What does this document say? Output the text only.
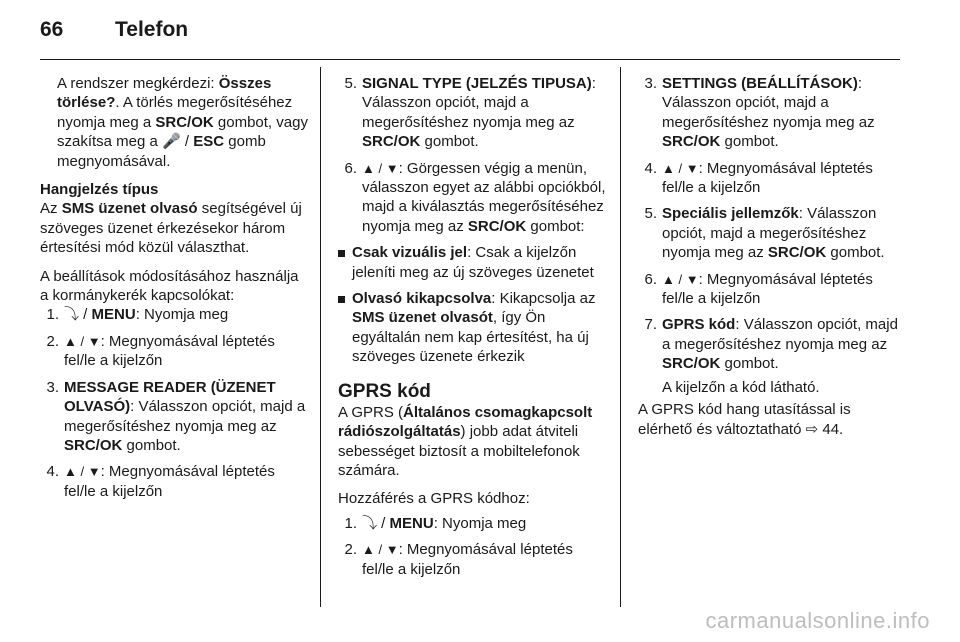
66 Telefon

A rendszer megkérdezi: Összes törlése?. A törlés megerősítéséhez nyomja meg a SRC/OK gombot, vagy szakítsa meg a 🎤 / ESC gomb megnyomásával.

Hangjelzés típus

Az SMS üzenet olvasó segítségével új szöveges üzenet érkezésekor három értesítési mód közül választhat.

A beállítások módosításához használja a kormánykerék kapcsolókat:

1. ⤵ / MENU: Nyomja meg
2. ▲ / ▼: Megnyomásával léptetés fel/le a kijelzőn
3. MESSAGE READER (ÜZENET OLVASÓ): Válasszon opciót, majd a megerősítéshez nyomja meg az SRC/OK gombot.
4. ▲ / ▼: Megnyomásával léptetés fel/le a kijelzőn
5. SIGNAL TYPE (JELZÉS TIPUSA): Válasszon opciót, majd a megerősítéshez nyomja meg az SRC/OK gombot.
6. ▲ / ▼: Görgessen végig a menün, válasszon egyet az alábbi opciókból, majd a kiválasztás megerősítéséhez nyomja meg az SRC/OK gombot:
Csak vizuális jel: Csak a kijelzőn jeleníti meg az új szöveges üzenetet
Olvasó kikapcsolva: Kikapcsolja az SMS üzenet olvasót, így Ön egyáltalán nem kap értesítést, ha új szöveges üzenete érkezik
GPRS kód

A GPRS (Általános csomagkapcsolt rádiószolgáltatás) jobb adat átviteli sebességet biztosít a mobiltelefonok számára.

Hozzáférés a GPRS kódhoz:

1. ⤵ / MENU: Nyomja meg
2. ▲ / ▼: Megnyomásával léptetés fel/le a kijelzőn
3. SETTINGS (BEÁLLÍTÁSOK): Válasszon opciót, majd a megerősítéshez nyomja meg az SRC/OK gombot.
4. ▲ / ▼: Megnyomásával léptetés fel/le a kijelzőn
5. Speciális jellemzők: Válasszon opciót, majd a megerősítéshez nyomja meg az SRC/OK gombot.
6. ▲ / ▼: Megnyomásával léptetés fel/le a kijelzőn
7. GPRS kód: Válasszon opciót, majd a megerősítéshez nyomja meg az SRC/OK gombot.

A kijelzőn a kód látható.

A GPRS kód hang utasítással is elérhető és változtatható ⇨ 44.

carmanualsonline.info
